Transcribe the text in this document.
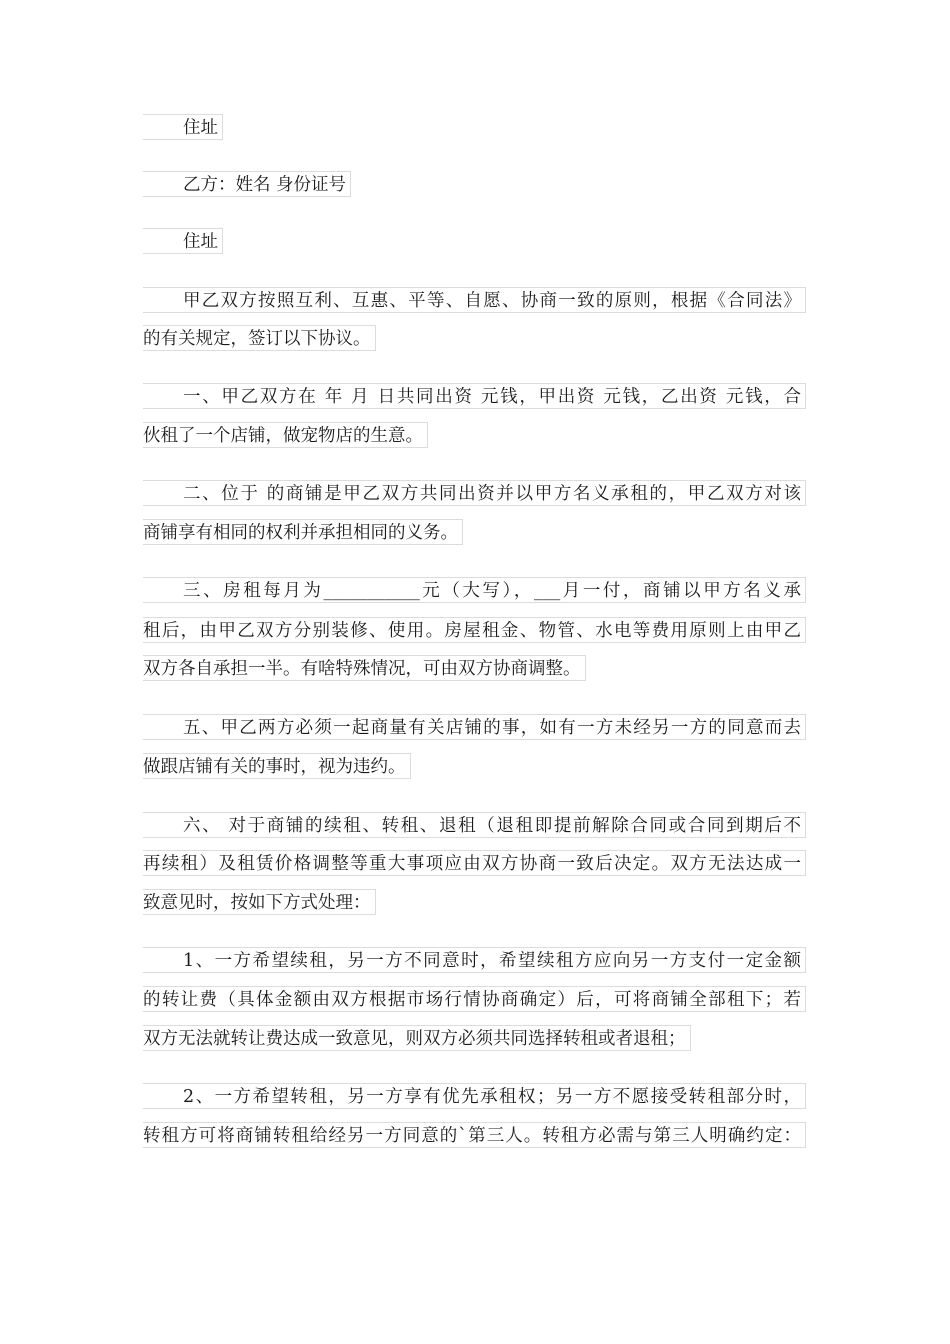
住址
乙方：姓名 身份证号
住址
甲乙双方按照互利、互惠、平等、自愿、协商一致的原则，根据《合同法》
的有关规定，签订以下协议。
一、甲乙双方在 年 月 日共同出资 元钱，甲出资 元钱，乙出资 元钱，合
伙租了一个店铺，做宠物店的生意。
二、位于 的商铺是甲乙双方共同出资并以甲方名义承租的，甲乙双方对该
商铺享有相同的权利并承担相同的义务。
三、房租每月为___________元（大写），___月一付，商铺以甲方名义承
租后，由甲乙双方分别装修、使用。房屋租金、物管、水电等费用原则上由甲乙
双方各自承担一半。有啥特殊情况，可由双方协商调整。
五、甲乙两方必须一起商量有关店铺的事，如有一方未经另一方的同意而去
做跟店铺有关的事时，视为违约。
六、 对于商铺的续租、转租、退租（退租即提前解除合同或合同到期后不
再续租）及租赁价格调整等重大事项应由双方协商一致后决定。双方无法达成一
致意见时，按如下方式处理：
1、一方希望续租，另一方不同意时，希望续租方应向另一方支付一定金额
的转让费（具体金额由双方根据市场行情协商确定）后，可将商铺全部租下；若
双方无法就转让费达成一致意见，则双方必须共同选择转租或者退租；
2、一方希望转租，另一方享有优先承租权；另一方不愿接受转租部分时，
转租方可将商铺转租给经另一方同意的`第三人。转租方必需与第三人明确约定：
